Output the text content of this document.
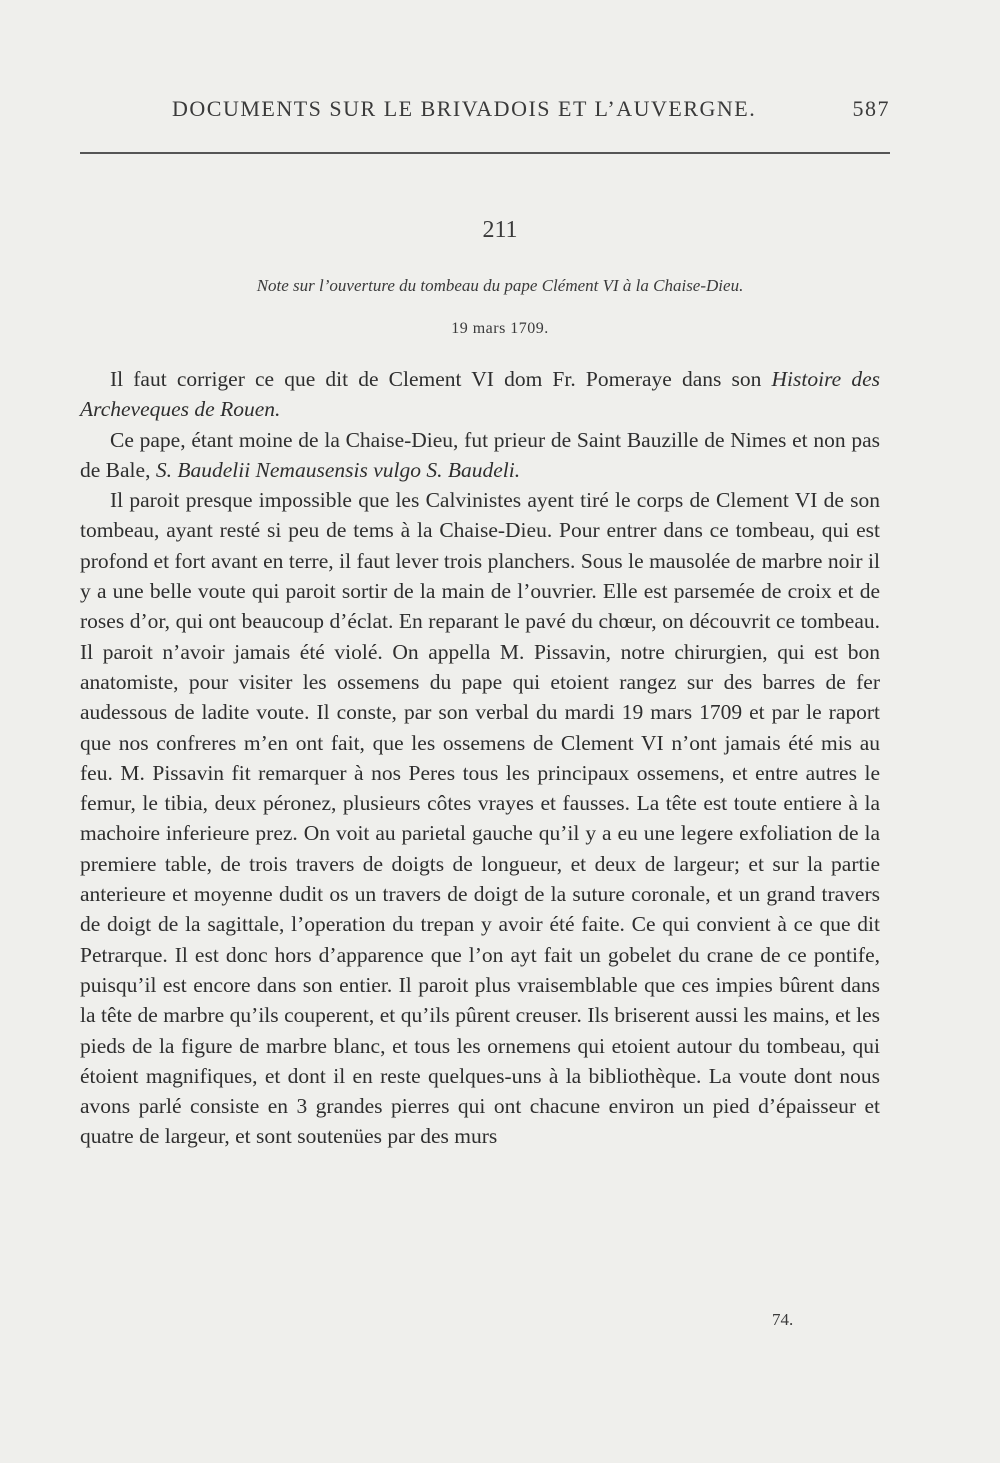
DOCUMENTS SUR LE BRIVADOIS ET L’AUVERGNE.	587
211
Note sur l’ouverture du tombeau du pape Clément VI à la Chaise-Dieu.
19 mars 1709.

Il faut corriger ce que dit de Clement VI dom Fr. Pomeraye dans son Histoire des Archeveques de Rouen.

Ce pape, étant moine de la Chaise-Dieu, fut prieur de Saint Bauzille de Nimes et non pas de Bale, S. Baudelii Nemausensis vulgo S. Baudeli.

Il paroit presque impossible que les Calvinistes ayent tiré le corps de Clement VI de son tombeau, ayant resté si peu de tems à la Chaise-Dieu. Pour entrer dans ce tombeau, qui est profond et fort avant en terre, il faut lever trois planchers. Sous le mausolée de marbre noir il y a une belle voute qui paroit sortir de la main de l’ouvrier. Elle est parsemée de croix et de roses d’or, qui ont beaucoup d’éclat. En reparant le pavé du chœur, on découvrit ce tombeau. Il paroit n’avoir jamais été violé. On appella M. Pissavin, notre chirurgien, qui est bon anatomiste, pour visiter les ossemens du pape qui etoient rangez sur des barres de fer audessous de ladite voute. Il conste, par son verbal du mardi 19 mars 1709 et par le raport que nos confreres m’en ont fait, que les ossemens de Clement VI n’ont jamais été mis au feu. M. Pissavin fit remarquer à nos Peres tous les principaux ossemens, et entre autres le femur, le tibia, deux péronez, plusieurs côtes vrayes et fausses. La tête est toute entiere à la machoire inferieure prez. On voit au parietal gauche qu’il y a eu une legere exfoliation de la premiere table, de trois travers de doigts de longueur, et deux de largeur; et sur la partie anterieure et moyenne dudit os un travers de doigt de la suture coronale, et un grand travers de doigt de la sagittale, l’operation du trepan y avoir été faite. Ce qui convient à ce que dit Petrarque. Il est donc hors d’apparence que l’on ayt fait un gobelet du crane de ce pontife, puisqu’il est encore dans son entier. Il paroit plus vraisemblable que ces impies bûrent dans la tête de marbre qu’ils couperent, et qu’ils pûrent creuser. Ils briserent aussi les mains, et les pieds de la figure de marbre blanc, et tous les ornemens qui etoient autour du tombeau, qui étoient magnifiques, et dont il en reste quelques-uns à la bibliothèque. La voute dont nous avons parlé consiste en 3 grandes pierres qui ont chacune environ un pied d’épaisseur et quatre de largeur, et sont soutenües par des murs

74.
